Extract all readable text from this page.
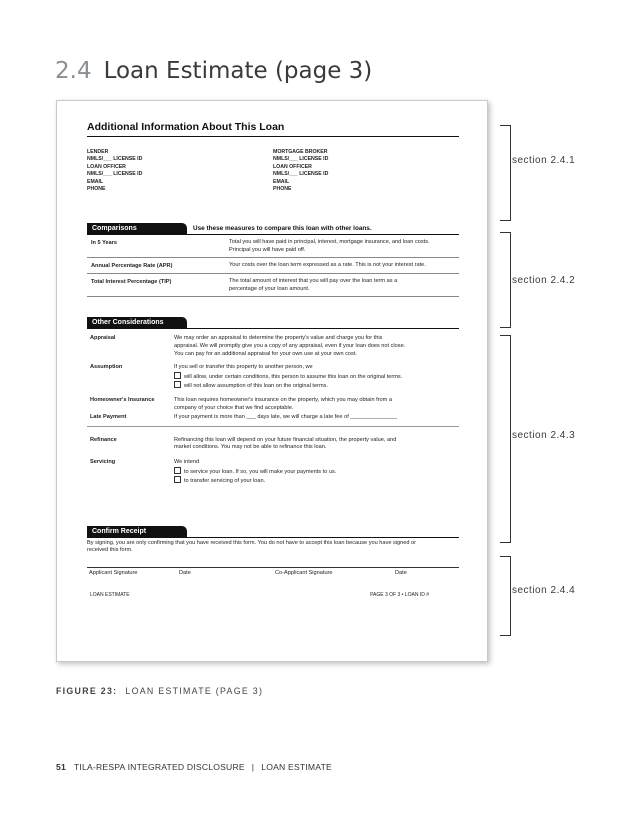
2.4 Loan Estimate (page 3)
Additional Information About This Loan
LENDER
NMLS/___ LICENSE ID
LOAN OFFICER
NMLS/___ LICENSE ID
EMAIL
PHONE
MORTGAGE BROKER
NMLS/___ LICENSE ID
LOAN OFFICER
NMLS/___ LICENSE ID
EMAIL
PHONE
Comparisons	Use these measures to compare this loan with other loans.
In 5 Years	Total you will have paid in principal, interest, mortgage insurance, and loan costs.
Principal you will have paid off.
Annual Percentage Rate (APR)	Your costs over the loan term expressed as a rate. This is not your interest rate.
Total Interest Percentage (TIP)	The total amount of interest that you will pay over the loan term as a
percentage of your loan amount.
Other Considerations
Appraisal	We may order an appraisal to determine the property's value and charge you for this
appraisal. We will promptly give you a copy of any appraisal, even if your loan does not close.
You can pay for an additional appraisal for your own use at your own cost.
Assumption	If you sell or transfer this property to another person, we
will allow, under certain conditions, this person to assume this loan on the original terms.
will not allow assumption of this loan on the original terms.
Homeowner's Insurance	This loan requires homeowner's insurance on the property, which you may obtain from a
company of your choice that we find acceptable.
Late Payment	If your payment is more than ___ days late, we will charge a late fee of _______________
Refinance	Refinancing this loan will depend on your future financial situation, the property value, and
market conditions. You may not be able to refinance this loan.
Servicing	We intend
to service your loan. If so, you will make your payments to us.
to transfer servicing of your loan.
Confirm Receipt
By signing, you are only confirming that you have received this form. You do not have to accept this loan because you have signed or received this form.
Applicant Signature	Date	Co-Applicant Signature	Date
LOAN ESTIMATE	PAGE 3 OF 3 • LOAN ID #
section 2.4.1
section 2.4.2
section 2.4.3
section 2.4.4
FIGURE 23: LOAN ESTIMATE (PAGE 3)
51 TILA-RESPA INTEGRATED DISCLOSURE | LOAN ESTIMATE
